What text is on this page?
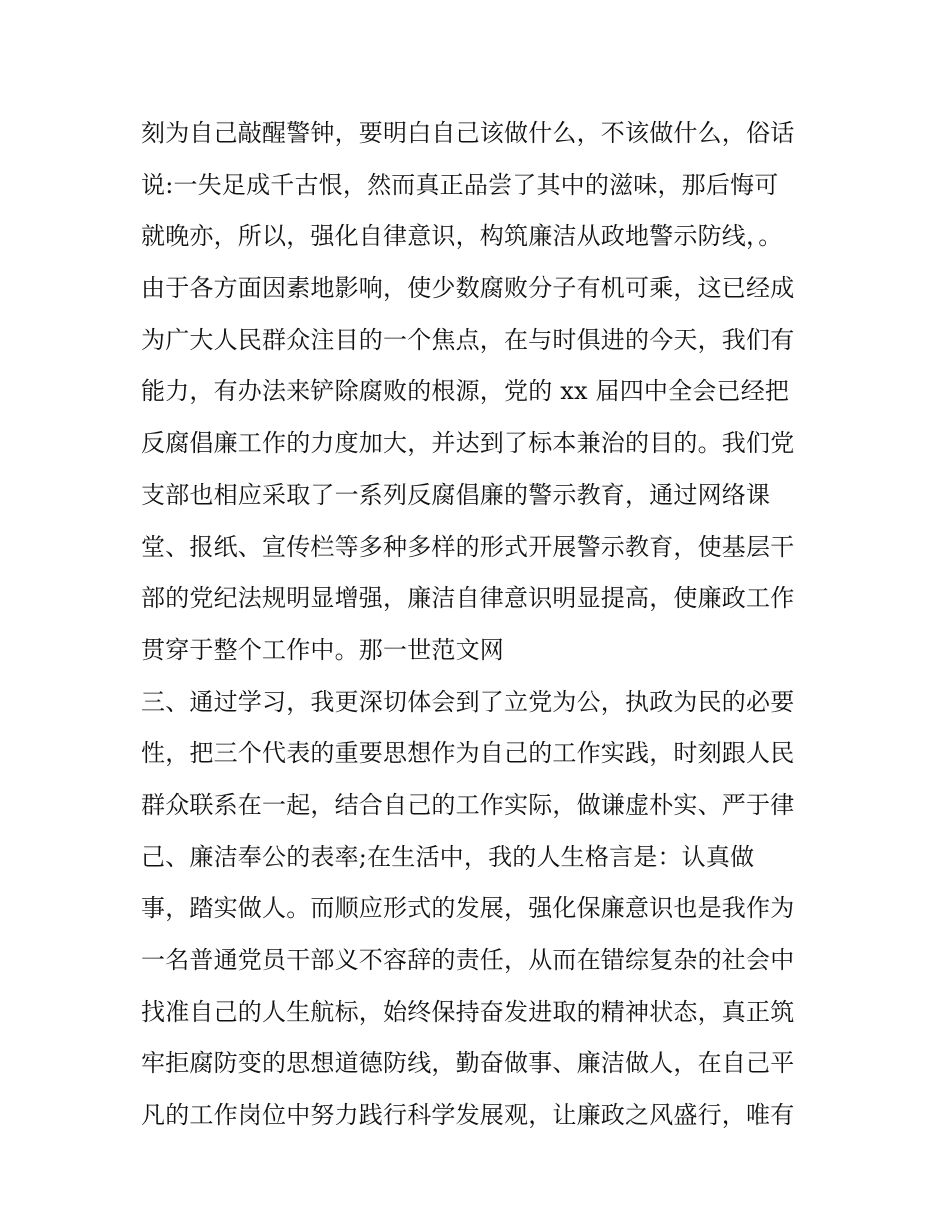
刻为自己敲醒警钟，要明白自己该做什么，不该做什么，俗话
说:一失足成千古恨，然而真正品尝了其中的滋味，那后悔可
就晚亦，所以，强化自律意识，构筑廉洁从政地警示防线，。
由于各方面因素地影响，使少数腐败分子有机可乘，这已经成
为广大人民群众注目的一个焦点，在与时俱进的今天，我们有
能力，有办法来铲除腐败的根源，党的 xx 届四中全会已经把
反腐倡廉工作的力度加大，并达到了标本兼治的目的。我们党
支部也相应采取了一系列反腐倡廉的警示教育，通过网络课
堂、报纸、宣传栏等多种多样的形式开展警示教育，使基层干
部的党纪法规明显增强，廉洁自律意识明显提高，使廉政工作
贯穿于整个工作中。那一世范文网
三、通过学习，我更深切体会到了立党为公，执政为民的必要
性，把三个代表的重要思想作为自己的工作实践，时刻跟人民
群众联系在一起，结合自己的工作实际，做谦虚朴实、严于律
己、廉洁奉公的表率;在生活中，我的人生格言是：认真做
事，踏实做人。而顺应形式的发展，强化保廉意识也是我作为
一名普通党员干部义不容辞的责任，从而在错综复杂的社会中
找准自己的人生航标，始终保持奋发进取的精神状态，真正筑
牢拒腐防变的思想道德防线，勤奋做事、廉洁做人，在自己平
凡的工作岗位中努力践行科学发展观，让廉政之风盛行，唯有
